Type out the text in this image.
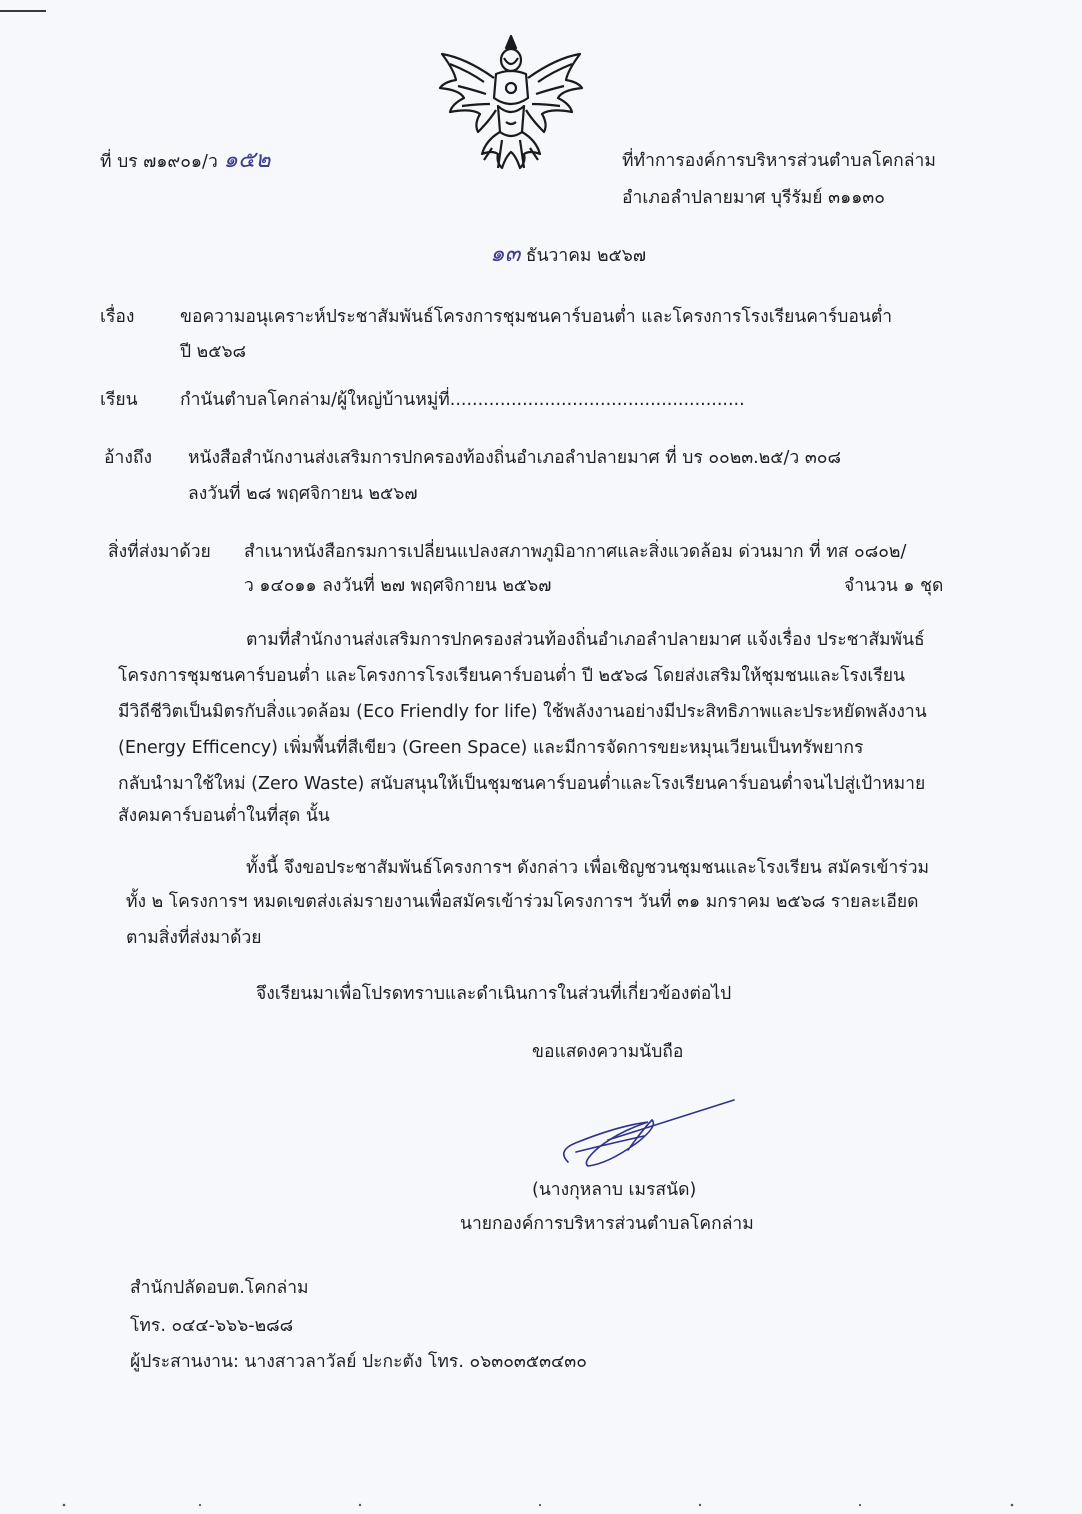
ที่ บร ๗๑๙๐๑/ว ๑๕๒	ที่ทำการองค์การบริหารส่วนตำบลโคกล่าม
อำเภอลำปลายมาศ บุรีรัมย์ ๓๑๑๓๐
๑๓ ธันวาคม ๒๕๖๗
เรื่อง	ขอความอนุเคราะห์ประชาสัมพันธ์โครงการชุมชนคาร์บอนต่ำ และโครงการโรงเรียนคาร์บอนต่ำ
ปี ๒๕๖๘
เรียน กำนันตำบลโคกล่าม/ผู้ใหญ่บ้านหมู่ที่.....................................................
อ้างถึง หนังสือสำนักงานส่งเสริมการปกครองท้องถิ่นอำเภอลำปลายมาศ ที่ บร ๐๐๒๓.๒๕/ว ๓๐๘
ลงวันที่ ๒๘ พฤศจิกายน ๒๕๖๗
สิ่งที่ส่งมาด้วย สำเนาหนังสือกรมการเปลี่ยนแปลงสภาพภูมิอากาศและสิ่งแวดล้อม ด่วนมาก ที่ ทส ๐๘๐๒/
ว ๑๔๐๑๑ ลงวันที่ ๒๗ พฤศจิกายน ๒๕๖๗	จำนวน ๑ ชุด
ตามที่สำนักงานส่งเสริมการปกครองส่วนท้องถิ่นอำเภอลำปลายมาศ แจ้งเรื่อง ประชาสัมพันธ์
โครงการชุมชนคาร์บอนต่ำ และโครงการโรงเรียนคาร์บอนต่ำ ปี ๒๕๖๘ โดยส่งเสริมให้ชุมชนและโรงเรียน
มีวิถีชีวิตเป็นมิตรกับสิ่งแวดล้อม (Eco Friendly for life) ใช้พลังงานอย่างมีประสิทธิภาพและประหยัดพลังงาน
(Energy Efficency) เพิ่มพื้นที่สีเขียว (Green Space) และมีการจัดการขยะหมุนเวียนเป็นทรัพยากร
กลับนำมาใช้ใหม่ (Zero Waste) สนับสนุนให้เป็นชุมชนคาร์บอนต่ำและโรงเรียนคาร์บอนต่ำจนไปสู่เป้าหมาย
สังคมคาร์บอนต่ำในที่สุด นั้น
ทั้งนี้ จึงขอประชาสัมพันธ์โครงการฯ ดังกล่าว เพื่อเชิญชวนชุมชนและโรงเรียน สมัครเข้าร่วม
ทั้ง ๒ โครงการฯ หมดเขตส่งเล่มรายงานเพื่อสมัครเข้าร่วมโครงการฯ วันที่ ๓๑ มกราคม ๒๕๖๘ รายละเอียด
ตามสิ่งที่ส่งมาด้วย
จึงเรียนมาเพื่อโปรดทราบและดำเนินการในส่วนที่เกี่ยวข้องต่อไป
ขอแสดงความนับถือ
(นางกุหลาบ เมรสนัด)
นายกองค์การบริหารส่วนตำบลโคกล่าม
สำนักปลัดอบต.โคกล่าม
โทร. ๐๔๔-๖๖๖-๒๘๘
ผู้ประสานงาน: นางสาวลาวัลย์ ปะกะตัง โทร. ๐๖๓๐๓๕๓๔๓๐
